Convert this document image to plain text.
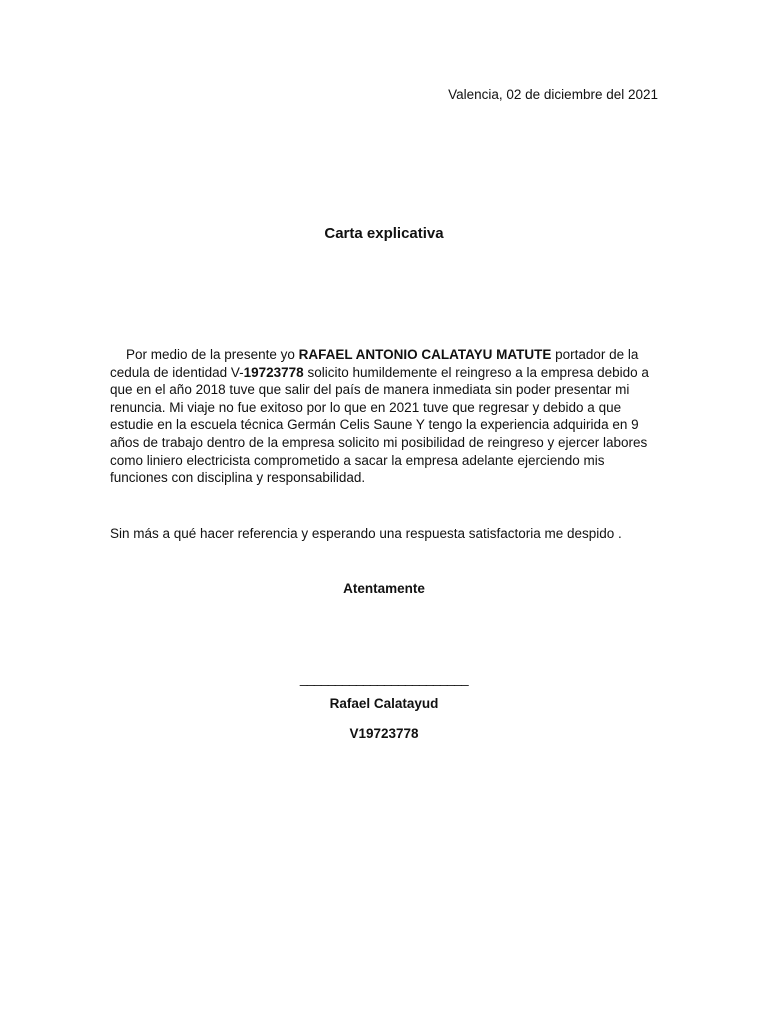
Valencia, 02 de diciembre del 2021
Carta explicativa
Por medio de la presente yo RAFAEL ANTONIO CALATAYU MATUTE portador de la cedula de identidad V-19723778 solicito humildemente el reingreso a la empresa debido a que en el año 2018 tuve que salir del país de manera inmediata sin poder presentar mi renuncia. Mi viaje no fue exitoso por lo que en 2021 tuve que regresar y debido a que estudie en la escuela técnica Germán Celis Saune Y tengo la experiencia adquirida en 9 años de trabajo dentro de la empresa solicito mi posibilidad de reingreso y ejercer labores como liniero electricista comprometido a sacar la empresa adelante ejerciendo mis funciones con disciplina y responsabilidad.
Sin más a qué hacer referencia y esperando una respuesta satisfactoria me despido .
Atentamente
________________________
Rafael Calatayud
V19723778
